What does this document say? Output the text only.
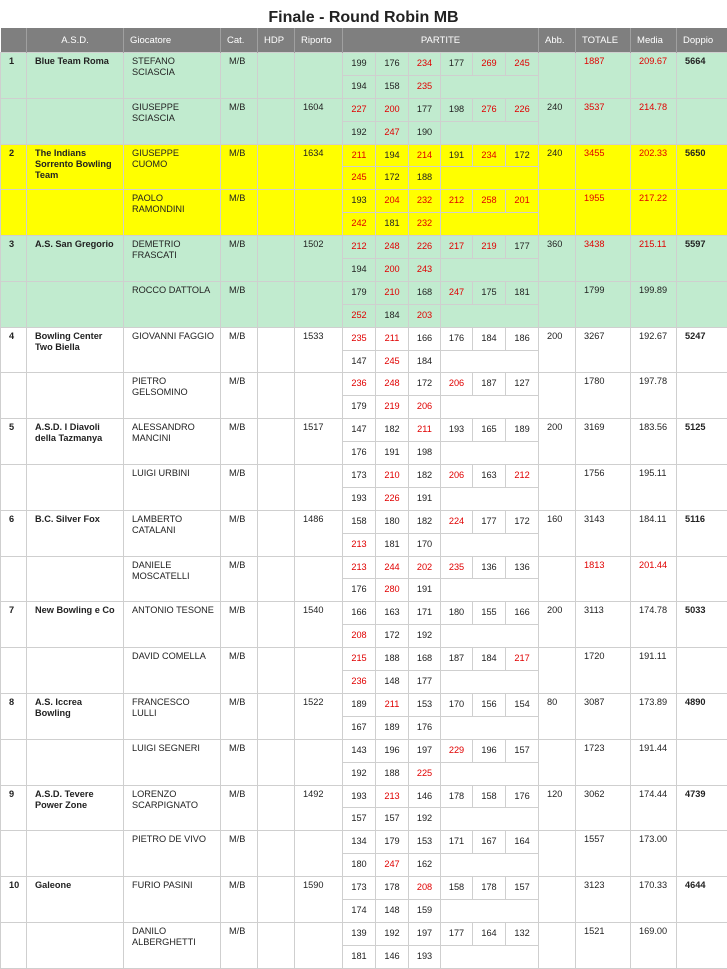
Finale - Round Robin MB
	A.S.D.	Giocatore	Cat.	HDP	Riporto	PARTITE						Abb.	TOTALE	Media	Doppio
1	Blue Team Roma	STEFANO SCIASCIA	M/B			199	176	234	177	269	245		1887	209.67	5664
						194	158	235							
		GIUSEPPE SCIASCIA	M/B		1604	227	200	177	198	276	226	240	3537	214.78	
						192	247	190							
2	The Indians Sorrento Bowling Team	GIUSEPPE CUOMO	M/B		1634	211	194	214	191	234	172	240	3455	202.33	5650
						245	172	188							
		PAOLO RAMONDINI	M/B			193	204	232	212	258	201		1955	217.22	
						242	181	232							
3	A.S. San Gregorio	DEMETRIO FRASCATI	M/B		1502	212	248	226	217	219	177	360	3438	215.11	5597
						194	200	243							
		ROCCO DATTOLA	M/B			179	210	168	247	175	181		1799	199.89	
						252	184	203							
4	Bowling Center Two Biella	GIOVANNI FAGGIO	M/B		1533	235	211	166	176	184	186	200	3267	192.67	5247
						147	245	184							
		PIETRO GELSOMINO	M/B			236	248	172	206	187	127		1780	197.78	
						179	219	206							
5	A.S.D. I Diavoli della Tazmanya	ALESSANDRO MANCINI	M/B		1517	147	182	211	193	165	189	200	3169	183.56	5125
						176	191	198							
		LUIGI URBINI	M/B			173	210	182	206	163	212		1756	195.11	
						193	226	191							
6	B.C. Silver Fox	LAMBERTO CATALANI	M/B		1486	158	180	182	224	177	172	160	3143	184.11	5116
						213	181	170							
		DANIELE MOSCATELLI	M/B			213	244	202	235	136	136		1813	201.44	
						176	280	191							
7	New Bowling e Co	ANTONIO TESONE	M/B		1540	166	163	171	180	155	166	200	3113	174.78	5033
						208	172	192							
		DAVID COMELLA	M/B			215	188	168	187	184	217		1720	191.11	
						236	148	177							
8	A.S. Iccrea Bowling	FRANCESCO LULLI	M/B		1522	189	211	153	170	156	154	80	3087	173.89	4890
						167	189	176							
		LUIGI SEGNERI	M/B			143	196	197	229	196	157		1723	191.44	
						192	188	225							
9	A.S.D. Tevere Power Zone	LORENZO SCARPIGNATO	M/B		1492	193	213	146	178	158	176	120	3062	174.44	4739
						157	157	192							
		PIETRO DE VIVO	M/B			134	179	153	171	167	164		1557	173.00	
						180	247	162							
10	Galeone	FURIO PASINI	M/B		1590	173	178	208	158	178	157		3123	170.33	4644
						174	148	159							
		DANILO ALBERGHETTI	M/B			139	192	197	177	164	132		1521	169.00	
						181	146	193							
